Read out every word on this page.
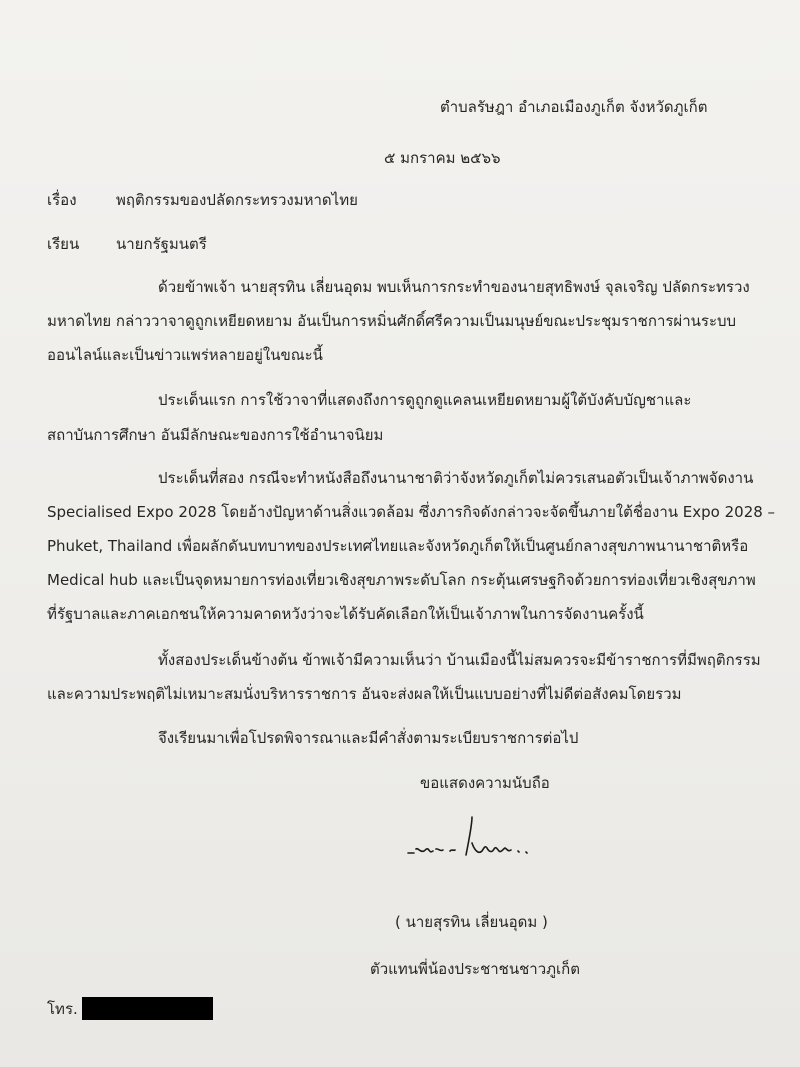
ตำบลรัษฎา อำเภอเมืองภูเก็ต จังหวัดภูเก็ต
๕ มกราคม ๒๕๖๖
เรื่อง	พฤติกรรมของปลัดกระทรวงมหาดไทย
เรียน นายกรัฐมนตรี
ด้วยข้าพเจ้า นายสุรทิน เลี่ยนอุดม พบเห็นการกระทำของนายสุทธิพงษ์ จุลเจริญ ปลัดกระทรวง
มหาดไทย กล่าววาจาดูถูกเหยียดหยาม อันเป็นการหมิ่นศักดิ์ศรีความเป็นมนุษย์ขณะประชุมราชการผ่านระบบ
ออนไลน์และเป็นข่าวแพร่หลายอยู่ในขณะนี้
ประเด็นแรก การใช้วาจาที่แสดงถึงการดูถูกดูแคลนเหยียดหยามผู้ใต้บังคับบัญชาและ
สถาบันการศึกษา อันมีลักษณะของการใช้อำนาจนิยม
ประเด็นที่สอง กรณีจะทำหนังสือถึงนานาชาติว่าจังหวัดภูเก็ตไม่ควรเสนอตัวเป็นเจ้าภาพจัดงาน
Specialised Expo 2028 โดยอ้างปัญหาด้านสิ่งแวดล้อม ซึ่งภารกิจดังกล่าวจะจัดขึ้นภายใต้ชื่องาน Expo 2028 –
Phuket, Thailand เพื่อผลักดันบทบาทของประเทศไทยและจังหวัดภูเก็ตให้เป็นศูนย์กลางสุขภาพนานาชาติหรือ
Medical hub และเป็นจุดหมายการท่องเที่ยวเชิงสุขภาพระดับโลก กระตุ้นเศรษฐกิจด้วยการท่องเที่ยวเชิงสุขภาพ
ที่รัฐบาลและภาคเอกชนให้ความคาดหวังว่าจะได้รับคัดเลือกให้เป็นเจ้าภาพในการจัดงานครั้งนี้
ทั้งสองประเด็นข้างต้น ข้าพเจ้ามีความเห็นว่า บ้านเมืองนี้ไม่สมควรจะมีข้าราชการที่มีพฤติกรรม
และความประพฤติไม่เหมาะสมนั่งบริหารราชการ อันจะส่งผลให้เป็นแบบอย่างที่ไม่ดีต่อสังคมโดยรวม
จึงเรียนมาเพื่อโปรดพิจารณาและมีคำสั่งตามระเบียบราชการต่อไป
ขอแสดงความนับถือ
( นายสุรทิน เลี่ยนอุดม )
ตัวแทนพี่น้องประชาชนชาวภูเก็ต
โทร.
